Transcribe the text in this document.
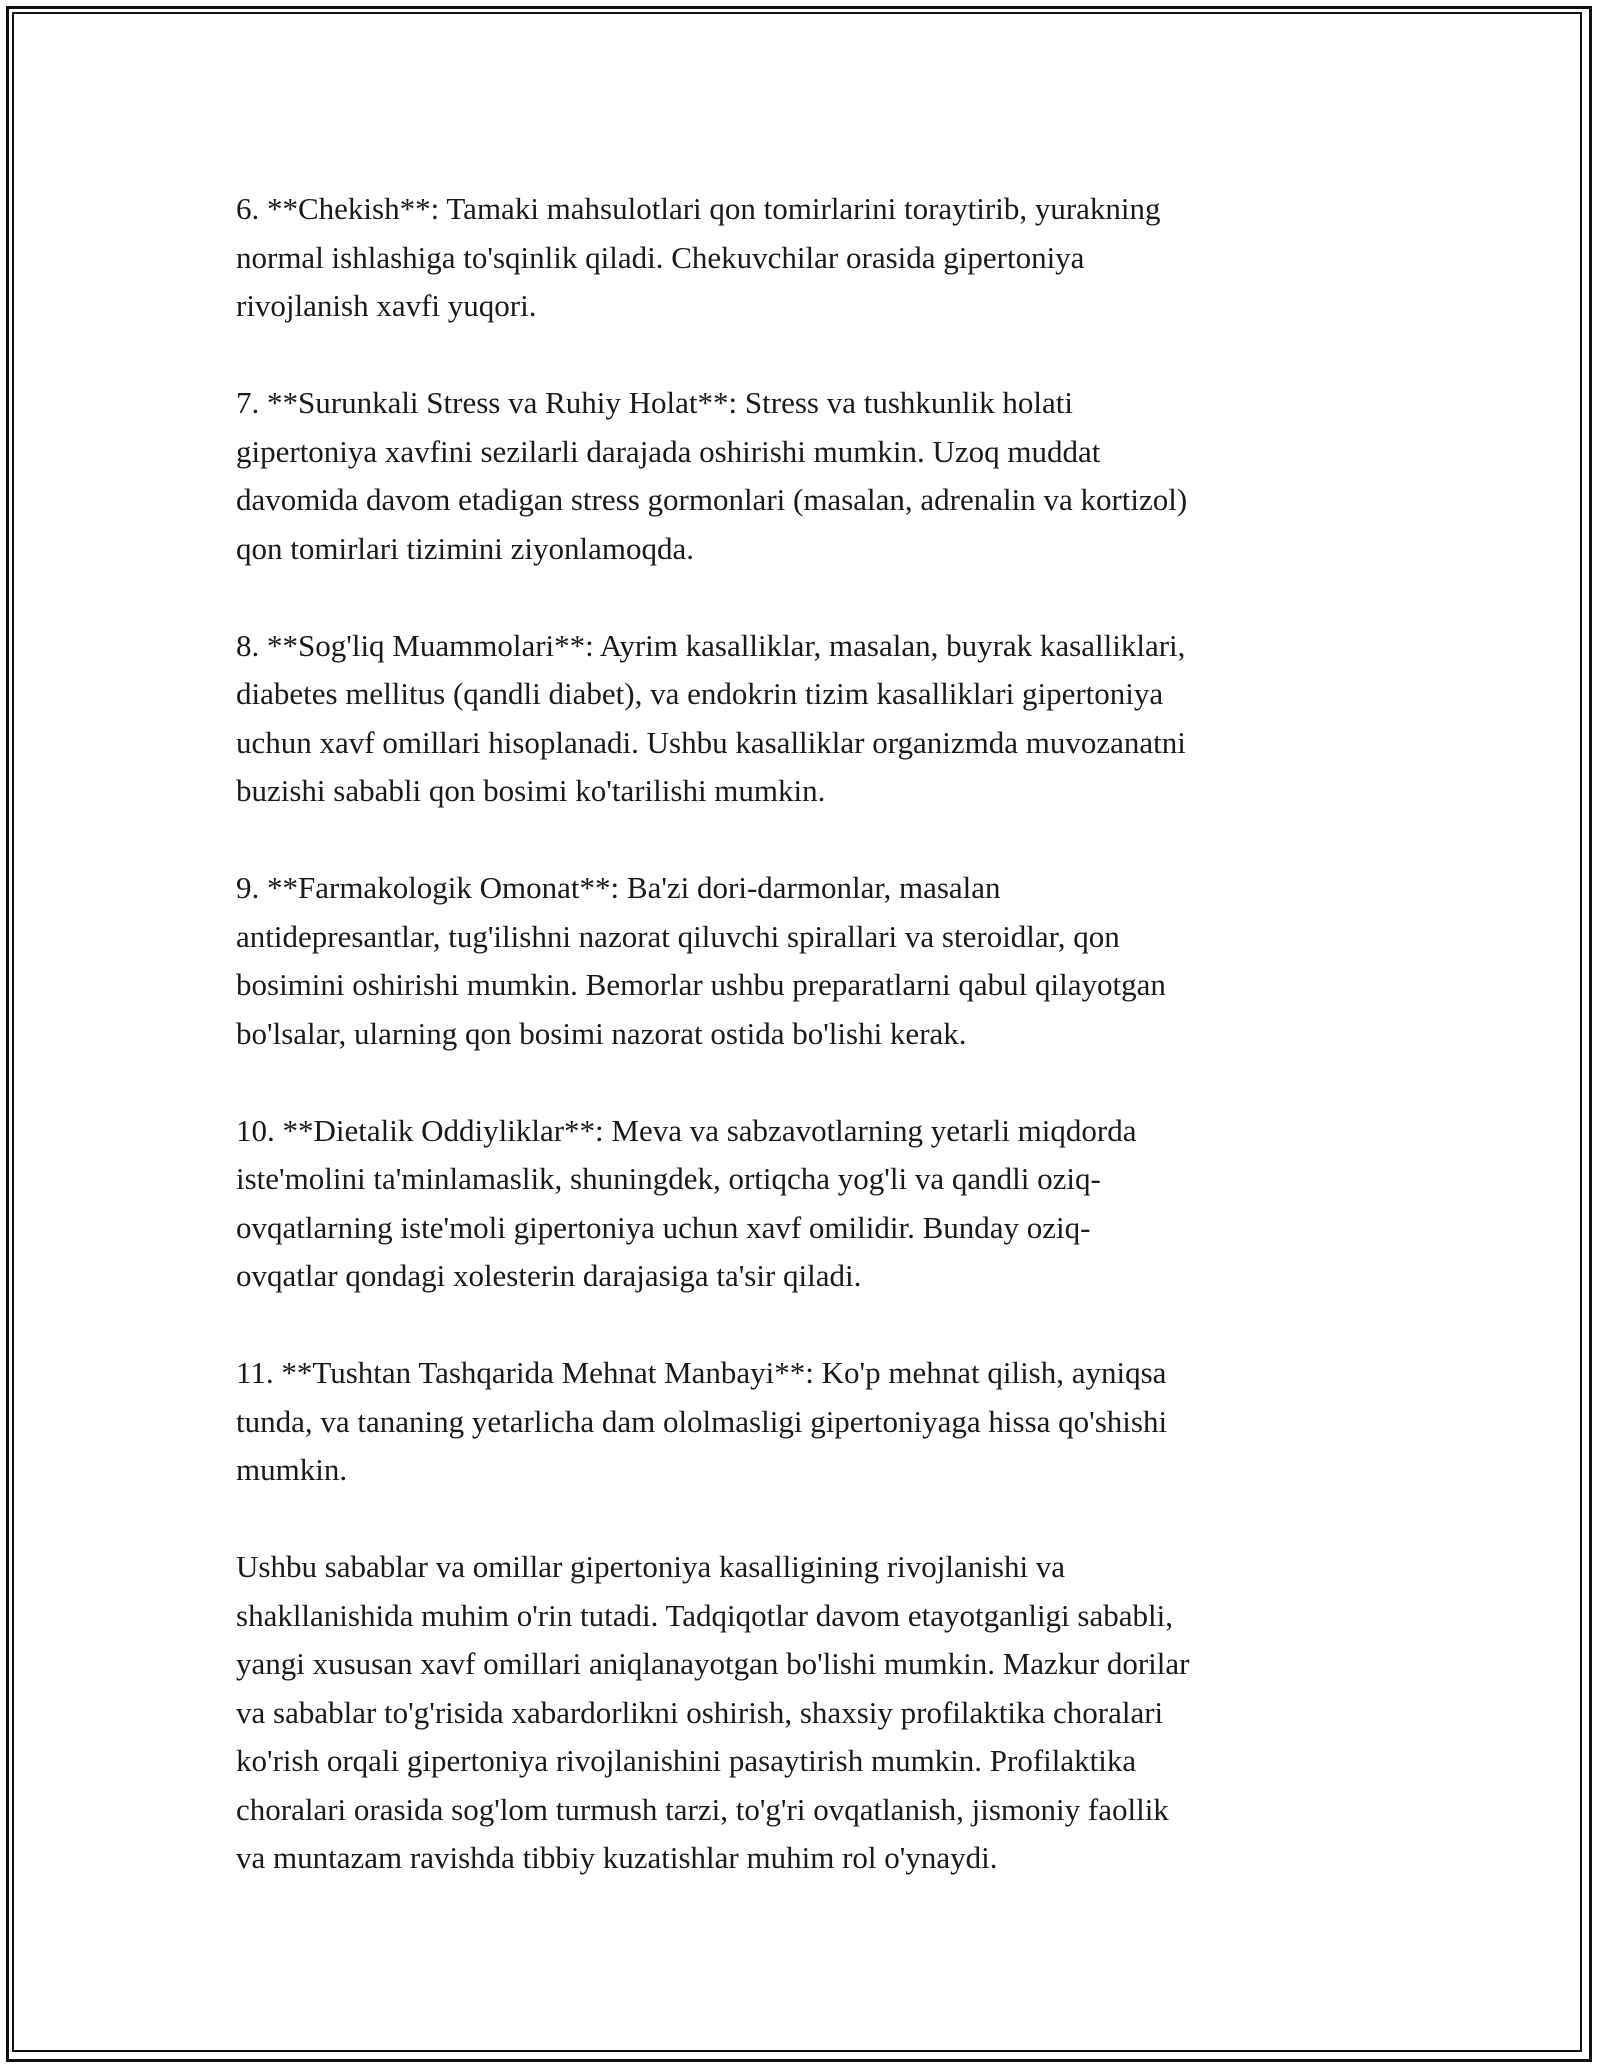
6. **Chekish**: Tamaki mahsulotlari qon tomirlarini toraytirib, yurakning
normal ishlashiga to'sqinlik qiladi. Chekuvchilar orasida gipertoniya
rivojlanish xavfi yuqori.

7. **Surunkali Stress va Ruhiy Holat**: Stress va tushkunlik holati
gipertoniya xavfini sezilarli darajada oshirishi mumkin. Uzoq muddat
davomida davom etadigan stress gormonlari (masalan, adrenalin va kortizol)
qon tomirlari tizimini ziyonlamoqda.

8. **Sog'liq Muammolari**: Ayrim kasalliklar, masalan, buyrak kasalliklari,
diabetes mellitus (qandli diabet), va endokrin tizim kasalliklari gipertoniya
uchun xavf omillari hisoplanadi. Ushbu kasalliklar organizmda muvozanatni
buzishi sababli qon bosimi ko'tarilishi mumkin.

9. **Farmakologik Omonat**: Ba'zi dori-darmonlar, masalan
antidepresantlar, tug'ilishni nazorat qiluvchi spirallari va steroidlar, qon
bosimini oshirishi mumkin. Bemorlar ushbu preparatlarni qabul qilayotgan
bo'lsalar, ularning qon bosimi nazorat ostida bo'lishi kerak.

10. **Dietalik Oddiyliklar**: Meva va sabzavotlarning yetarli miqdorda
iste'molini ta'minlamaslik, shuningdek, ortiqcha yog'li va qandli oziq-
ovqatlarning iste'moli gipertoniya uchun xavf omilidir. Bunday oziq-
ovqatlar qondagi xolesterin darajasiga ta'sir qiladi.

11. **Tushtan Tashqarida Mehnat Manbayi**: Ko'p mehnat qilish, ayniqsa
tunda, va tananing yetarlicha dam ololmasligi gipertoniyaga hissa qo'shishi
mumkin.

Ushbu sabablar va omillar gipertoniya kasalligining rivojlanishi va
shakllanishida muhim o'rin tutadi. Tadqiqotlar davom etayotganligi sababli,
yangi xususan xavf omillari aniqlanayotgan bo'lishi mumkin. Mazkur dorilar
va sabablar to'g'risida xabardorlikni oshirish, shaxsiy profilaktika choralari
ko'rish orqali gipertoniya rivojlanishini pasaytirish mumkin. Profilaktika
choralari orasida sog'lom turmush tarzi, to'g'ri ovqatlanish, jismoniy faollik
va muntazam ravishda tibbiy kuzatishlar muhim rol o'ynaydi.
